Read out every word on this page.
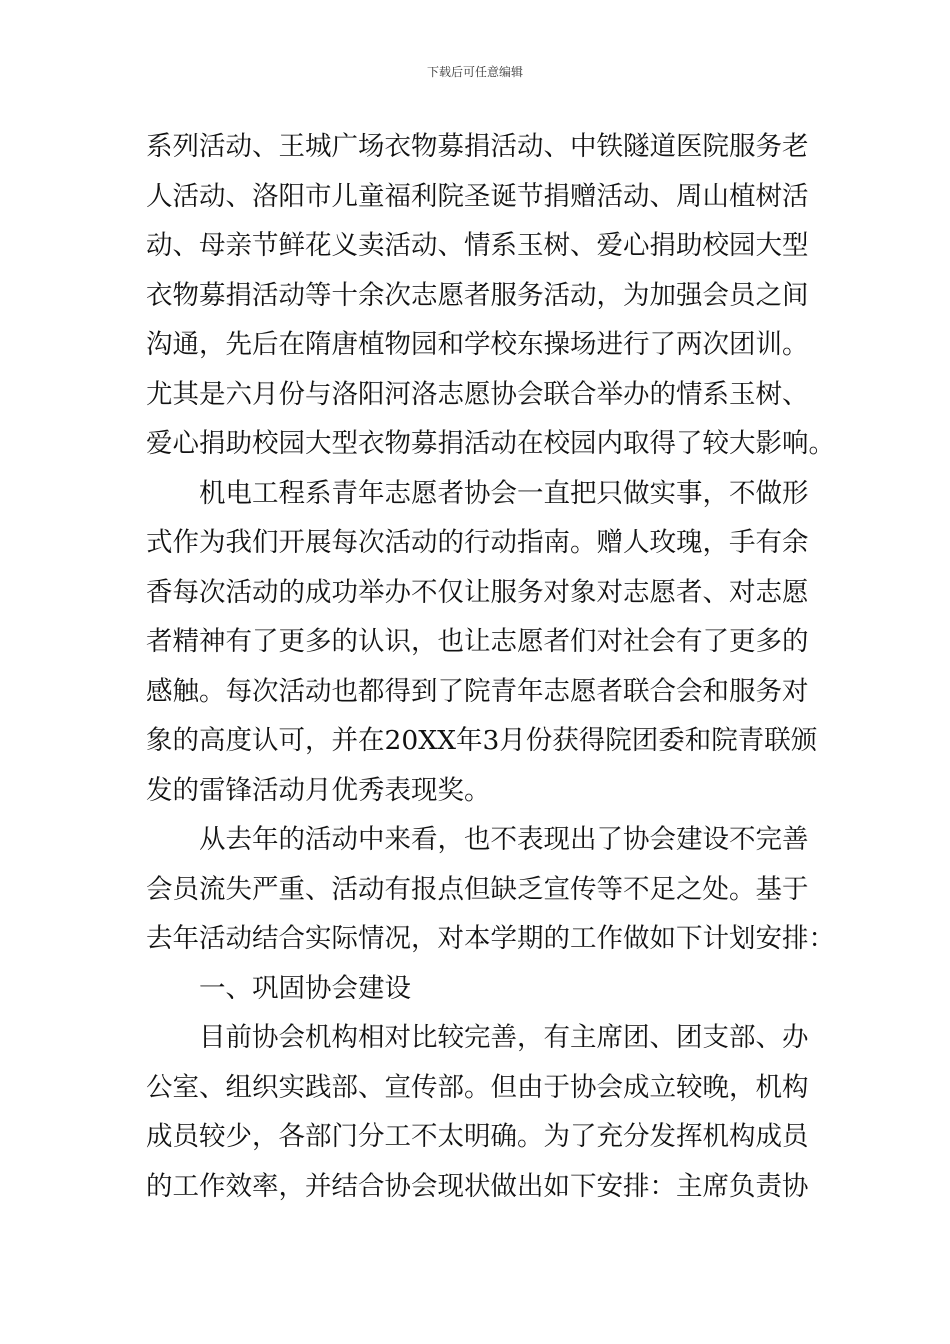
下载后可任意编辑
系列活动、王城广场衣物募捐活动、中铁隧道医院服务老
人活动、洛阳市儿童福利院圣诞节捐赠活动、周山植树活
动、母亲节鲜花义卖活动、情系玉树、爱心捐助校园大型
衣物募捐活动等十余次志愿者服务活动，为加强会员之间
沟通，先后在隋唐植物园和学校东操场进行了两次团训。
尤其是六月份与洛阳河洛志愿协会联合举办的情系玉树、
爱心捐助校园大型衣物募捐活动在校园内取得了较大影响。
机电工程系青年志愿者协会一直把只做实事，不做形
式作为我们开展每次活动的行动指南。赠人玫瑰，手有余
香每次活动的成功举办不仅让服务对象对志愿者、对志愿
者精神有了更多的认识，也让志愿者们对社会有了更多的
感触。每次活动也都得到了院青年志愿者联合会和服务对
象的高度认可，并在20XX年3月份获得院团委和院青联颁
发的雷锋活动月优秀表现奖。
从去年的活动中来看，也不表现出了协会建设不完善
会员流失严重、活动有报点但缺乏宣传等不足之处。基于
去年活动结合实际情况，对本学期的工作做如下计划安排：
一、巩固协会建设
目前协会机构相对比较完善，有主席团、团支部、办
公室、组织实践部、宣传部。但由于协会成立较晚，机构
成员较少，各部门分工不太明确。为了充分发挥机构成员
的工作效率，并结合协会现状做出如下安排：主席负责协
